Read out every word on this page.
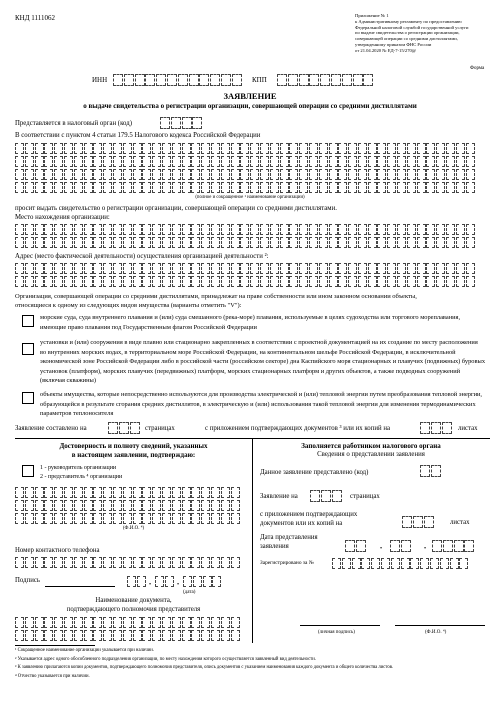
КНД 1111062	Приложение № 1
к Административному регламенту по предоставлению
Федеральной налоговой службой государственной услуги
по выдаче свидетельства о регистрации организации,
совершающей операции со средними дистиллятами,
утвержденному приказом ФНС России
от 21.04.2020 № ЕД-7-15/270@
Форма
ИНН	КПП
ЗАЯВЛЕНИЕ
о выдаче свидетельства о регистрации организации, совершающей операции со средними дистиллятами
Представляется в налоговый орган (код)
В соответствии с пунктом 4 статьи 179.5 Налогового кодекса Российской Федерации
(полное и сокращенное ¹ наименование организации)
просит выдать свидетельство о регистрации организации, совершающей операции со средними дистиллятами.
Место нахождения организации:
Адрес (место фактической деятельности) осуществления организацией деятельности ²:
Организация, совершающей операции со средними дистиллятами, принадлежат на праве собственности или ином законном основании объекты,
относящиеся к одному из следующих видов имущества (варианты отметить "V"):
морские суда, суда внутреннего плавания и (или) суда смешанного (река-море) плавания, используемые в целях судоходства или торгового мореплавания, имеющие право плавания под Государственным флагом Российской Федерации
установки и (или) сооружения в виде плавно или стационарно закрепленных в соответствии с проектной документацией на их создание по месту расположения во внутренних морских водах, в территориальном море Российской Федерации, на континентальном шельфе Российской Федерации, в исключительной экономической зоне Российской Федерации либо в российской части (российском секторе) дна Каспийского моря стационарных и плавучих (подвижных) буровых установок (платформ), морских плавучих (передвижных) платформ, морских стационарных платформ и других объектов, а также подводных сооружений (включая скважины)
объекты имущества, которые непосредственно используются для производства электрической и (или) тепловой энергии путем преобразования тепловой энергии, образующейся в результате сгорания средних дистиллятов, в электрическую и (или) использования такой тепловой энергии для изменения термодинамических параметров теплоносителя
Заявление составлено на	страницах	с приложением подтверждающих документов ³ или их копий на	листах
Достоверность и полноту сведений, указанных
в настоящем заявлении, подтверждаю:
1 - руководитель организации
2 - представитель ⁴ организации
(Ф.И.О. ⁴)
Номер контактного телефона
Подпись
•	•
(дата)
Наименование документа,
подтверждающего полномочия представителя
Заполняется работником налогового органа
Сведения о представлении заявления
Данное заявление представлено (код)
Заявление на	страницах
с приложением подтверждающих
документов или их копий на	листах
Дата представления
заявления	•	•
Зарегистрировано за №
(личная подпись)	(Ф.И.О. ⁴)
¹ Сокращенное наименование организации указывается при наличии.
² Указывается адрес одного обособленного подразделения организации, по месту нахождения которого осуществляется заявленный вид деятельности.
³ К заявлению прилагаются копии документов, подтверждающего полномочия представителя, опись документов с указанием наименования каждого документа и общего количества листов.
⁴ Отчество указывается при наличии.
